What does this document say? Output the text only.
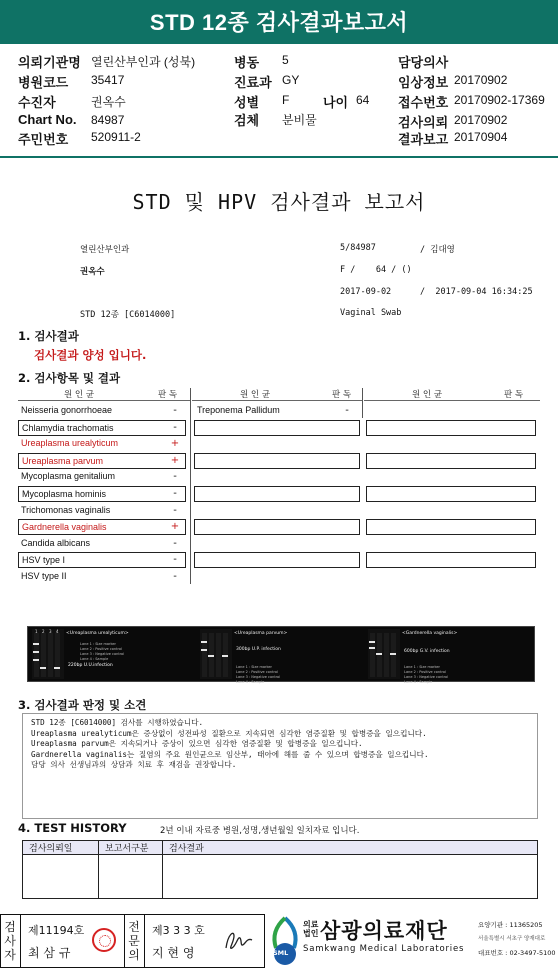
STD 12종 검사결과보고서
의뢰기관명 열린산부인과 (성북)
병원코드 35417
수진자	권옥수
Chart No. 84987
주민번호 520911-2
병동 5
진료과 GY
성별 F	나이 64
검체 분비물
담당의사
임상정보 20170902
접수번호 20170902-17369
검사의뢰 20170902
결과보고 20170904
STD 및 HPV 검사결과 보고서
열린산부인과	5/84987	/ 김대영
권옥수	F /    64 / ()
2017-09-02	/  2017-09-04 16:34:25
STD 12종 [C6014000]	Vaginal Swab
1. 검사결과
검사결과 양성 입니다.
2. 검사항목 및 결과
원 인 균	판 독	원 인 균	판 독	원 인 균	판 독
Neisseria gonorrhoeae	-
Chlamydia trachomatis	-
Ureaplasma urealyticum	+
Ureaplasma parvum	+
Mycoplasma genitalium	-
Mycoplasma hominis	-
Trichomonas vaginalis	-
Gardnerella vaginalis	+
Candida albicans	-
HSV type I	-
HSV type II	-
Treponema Pallidum	-
<Ureaplasma urealyticum>
220bp U.U.infection
<Ureaplasma parvum>
300bp U.P. infection
Lane 1 : Size marker
Lane 2 : Positive control
Lane 3 : Negative control
Lane 4 : Sample
<Gardnerella vaginalis>
600bp G.V. infection
Lane 1 : Size marker
Lane 2 : Positive control
Lane 3 : Negative control
Lane 4 : Sample
1 2 3 4
Lane 1 : Size marker
Lane 2 : Positive control
Lane 3 : Negative control
Lane 4 : Sample
3. 검사결과 판정 및 소견
STD 12종 [C6014000] 검사를 시행하였습니다.
Ureaplasma urealyticum은 증상없이 성전파성 질환으로 지속되면 심각한 염증질환 및 합병증을 일으킵니다.
Ureaplasma parvum은 지속되거나 증상이 있으면 심각한 염증질환 및 합병증을 일으킵니다.
Gardnerella vaginalis는 질염의 주요 원인균으로 임산부, 태아에 해를 줄 수 있으며 합병증을 일으킵니다.
담당 의사 선생님과의 상담과 치료 후 재검을 권장합니다.
4. TEST HISTORY	2년 이내 자료중 병원,성명,생년월일 일치자료 입니다.
검사의뢰일	보고서구분	검사결과

검
사
자
제11194호
최 삼 규
전
문
의
제3 3 3 호
지 현 영	SML
의료
법인 삼광의료재단
Samkwang Medical Laboratories
요양기관 : 11365205
서울특별시 서초구 양재대로
대표번호 : 02-3497-5100
